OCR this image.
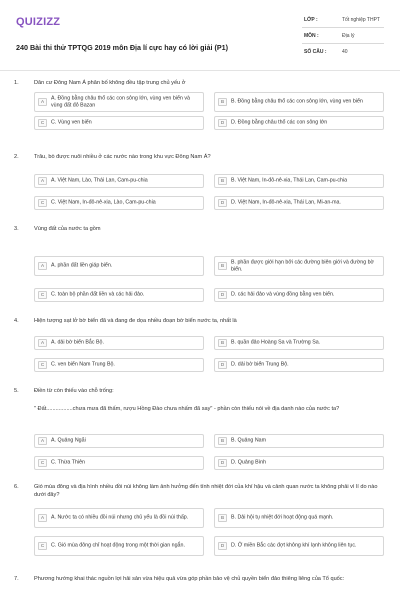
QUIZIZZ
240 Bài thi thử TPTQG 2019 môn Địa lí cực hay có lời giải (P1)
LỚP :	Tốt nghiệp THPT
MÔN :	Địa lý
SỐ CÂU :	40
1.	Dân cư Đông Nam Á phân bố không đều tập trung chủ yếu ở
A
A. Đồng bằng châu thổ các con sông lớn, vùng ven biển và vùng đất đỏ Bazan
B	B. Đồng bằng châu thổ các con sông lớn, vùng ven biển
C	C. Vùng ven biển	D	D. Đồng bằng châu thổ các con sông lớn
2.	Trâu, bò được nuôi nhiều ở các nước nào trong khu vực Đông Nam Á?
A	A. Việt Nam, Lào, Thái Lan, Cam-pu-chia	B	B. Việt Nam, In-đô-nê-xia, Thái Lan, Cam-pu-chia
C	C. Việt Nam, In-đô-nê-xia, Lào, Cam-pu-chia	D	D. Việt Nam, In-đô-nê-xia, Thái Lan, Mi-an-ma.
3.	Vùng đất của nước ta gồm
A	A. phần đất liền giáp biển.	B
B. phần được giới hạn bởi các đường biên giới và đường bờ biển.
C	C. toàn bộ phần đất liền và các hải đảo.	D	D. các hải đảo và vùng đồng bằng ven biển.
4.	Hiện tượng sạt lở bờ biển đã và đang đe dọa nhiều đoạn bờ biển nước ta, nhất là
A	A. dải bờ biển Bắc Bộ.	B	B. quần đảo Hoàng Sa và Trường Sa.
C	C. ven biển Nam Trung Bộ.	D	D. dải bờ biển Trung Bộ.
5.	Điền từ còn thiếu vào chỗ trống:
" Đất.................chưa mưa đã thấm, rượu Hồng Đào chưa nhấm đã say" - phần còn thiếu nói về địa danh nào của nước ta?
A	A. Quảng Ngãi	B	B. Quảng Nam
C	C. Thừa Thiên	D	D. Quảng Bình
6.	Gió mùa đông và địa hình nhiều đồi núi không làm ảnh hưởng đến tính nhiệt đới của khí hậu và cảnh quan nước ta không phải vì lí do nào dưới đây?
A	A. Nước ta có nhiều đồi núi nhưng chủ yếu là đồi núi thấp.	B	B. Dải hội tụ nhiệt đới hoạt động quá mạnh.
C	C. Gió mùa đông chỉ hoạt động trong một thời gian ngắn.	D	D. Ở miền Bắc các đợt không khí lạnh không liên tục.
7.	Phương hướng khai thác nguồn lợi hải sản vừa hiệu quả vừa góp phần bảo vệ chủ quyền biển đảo thiêng liêng của Tổ quốc:
